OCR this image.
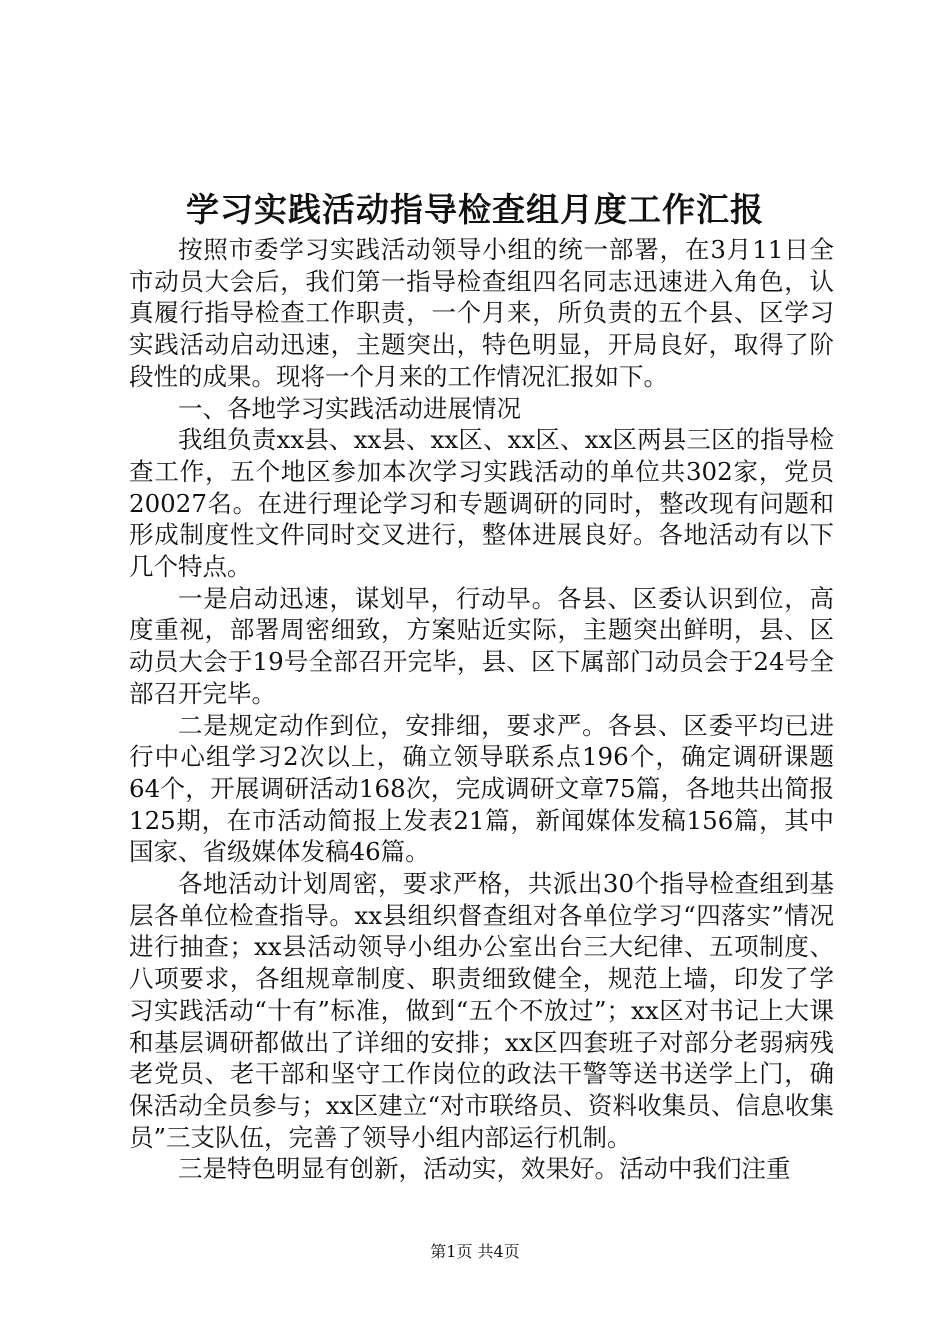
学习实践活动指导检查组月度工作汇报

按照市委学习实践活动领导小组的统一部署，在3月11日全市动员大会后，我们第一指导检查组四名同志迅速进入角色，认真履行指导检查工作职责，一个月来，所负责的五个县、区学习实践活动启动迅速，主题突出，特色明显，开局良好，取得了阶段性的成果。现将一个月来的工作情况汇报如下。

一、各地学习实践活动进展情况

我组负责xx县、xx县、xx区、xx区、xx区两县三区的指导检查工作，五个地区参加本次学习实践活动的单位共302家，党员20027名。在进行理论学习和专题调研的同时，整改现有问题和形成制度性文件同时交叉进行，整体进展良好。各地活动有以下几个特点。

一是启动迅速，谋划早，行动早。各县、区委认识到位，高度重视，部署周密细致，方案贴近实际，主题突出鲜明，县、区动员大会于19号全部召开完毕，县、区下属部门动员会于24号全部召开完毕。

二是规定动作到位，安排细，要求严。各县、区委平均已进行中心组学习2次以上，确立领导联系点196个，确定调研课题64个，开展调研活动168次，完成调研文章75篇，各地共出简报125期，在市活动简报上发表21篇，新闻媒体发稿156篇，其中国家、省级媒体发稿46篇。

各地活动计划周密，要求严格，共派出30个指导检查组到基层各单位检查指导。xx县组织督查组对各单位学习“四落实”情况进行抽查；xx县活动领导小组办公室出台三大纪律、五项制度、八项要求，各组规章制度、职责细致健全，规范上墙，印发了学习实践活动“十有”标准，做到“五个不放过”；xx区对书记上大课和基层调研都做出了详细的安排；xx区四套班子对部分老弱病残老党员、老干部和坚守工作岗位的政法干警等送书送学上门，确保活动全员参与；xx区建立“对市联络员、资料收集员、信息收集员”三支队伍，完善了领导小组内部运行机制。

三是特色明显有创新，活动实，效果好。活动中我们注重

第1页 共4页
